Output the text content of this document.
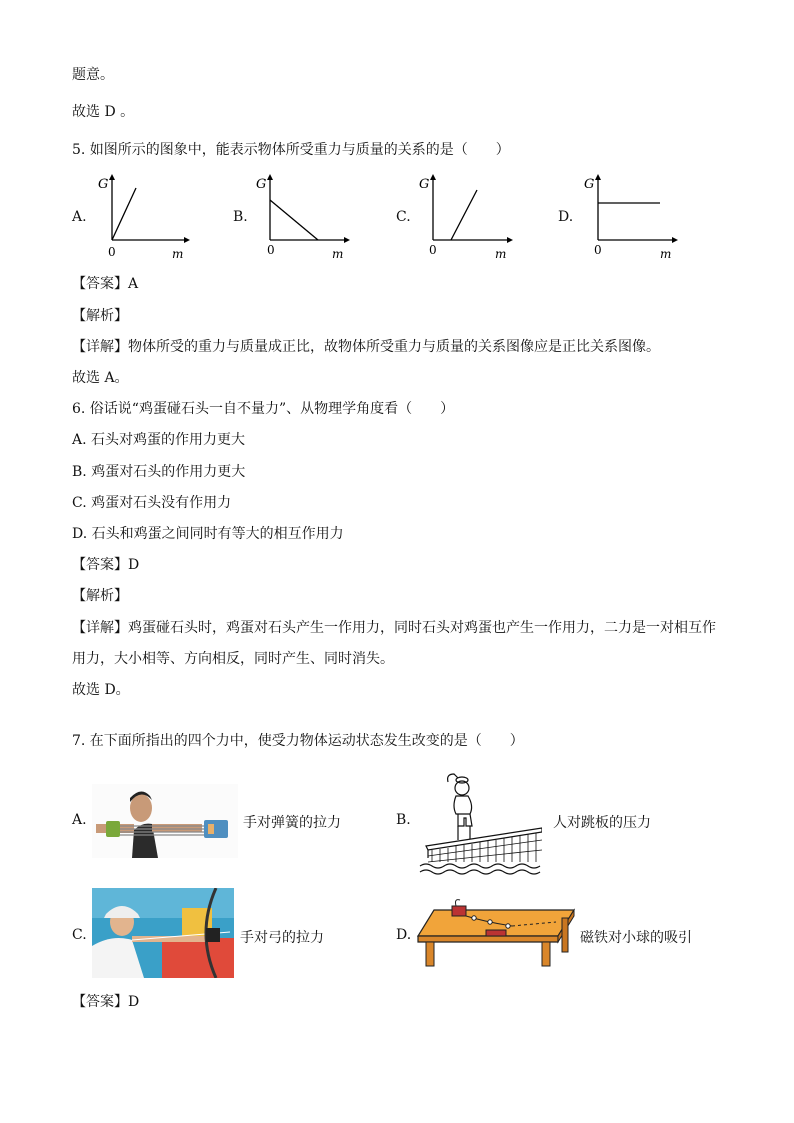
题意。
故选 D 。
5. 如图所示的图象中，能表示物体所受重力与质量的关系的是（　　）
A.
G
0	m
B.
G
0	m
C.
G
0	m
D.
G
0	m
【答案】A
【解析】
【详解】物体所受的重力与质量成正比，故物体所受重力与质量的关系图像应是正比关系图像。
故选 A。
6. 俗话说“鸡蛋碰石头一自不量力”、从物理学角度看（　　）
A. 石头对鸡蛋的作用力更大
B. 鸡蛋对石头的作用力更大
C. 鸡蛋对石头没有作用力
D. 石头和鸡蛋之间同时有等大的相互作用力
【答案】D
【解析】
【详解】鸡蛋碰石头时，鸡蛋对石头产生一作用力，同时石头对鸡蛋也产生一作用力，二力是一对相互作
用力，大小相等、方向相反，同时产生、同时消失。
故选 D。
7. 在下面所指出的四个力中，使受力物体运动状态发生改变的是（　　）
A.	手对弹簧的拉力	B.	人对跳板的压力
C.	手对弓的拉力	D.	磁铁对小球的吸引
【答案】D
